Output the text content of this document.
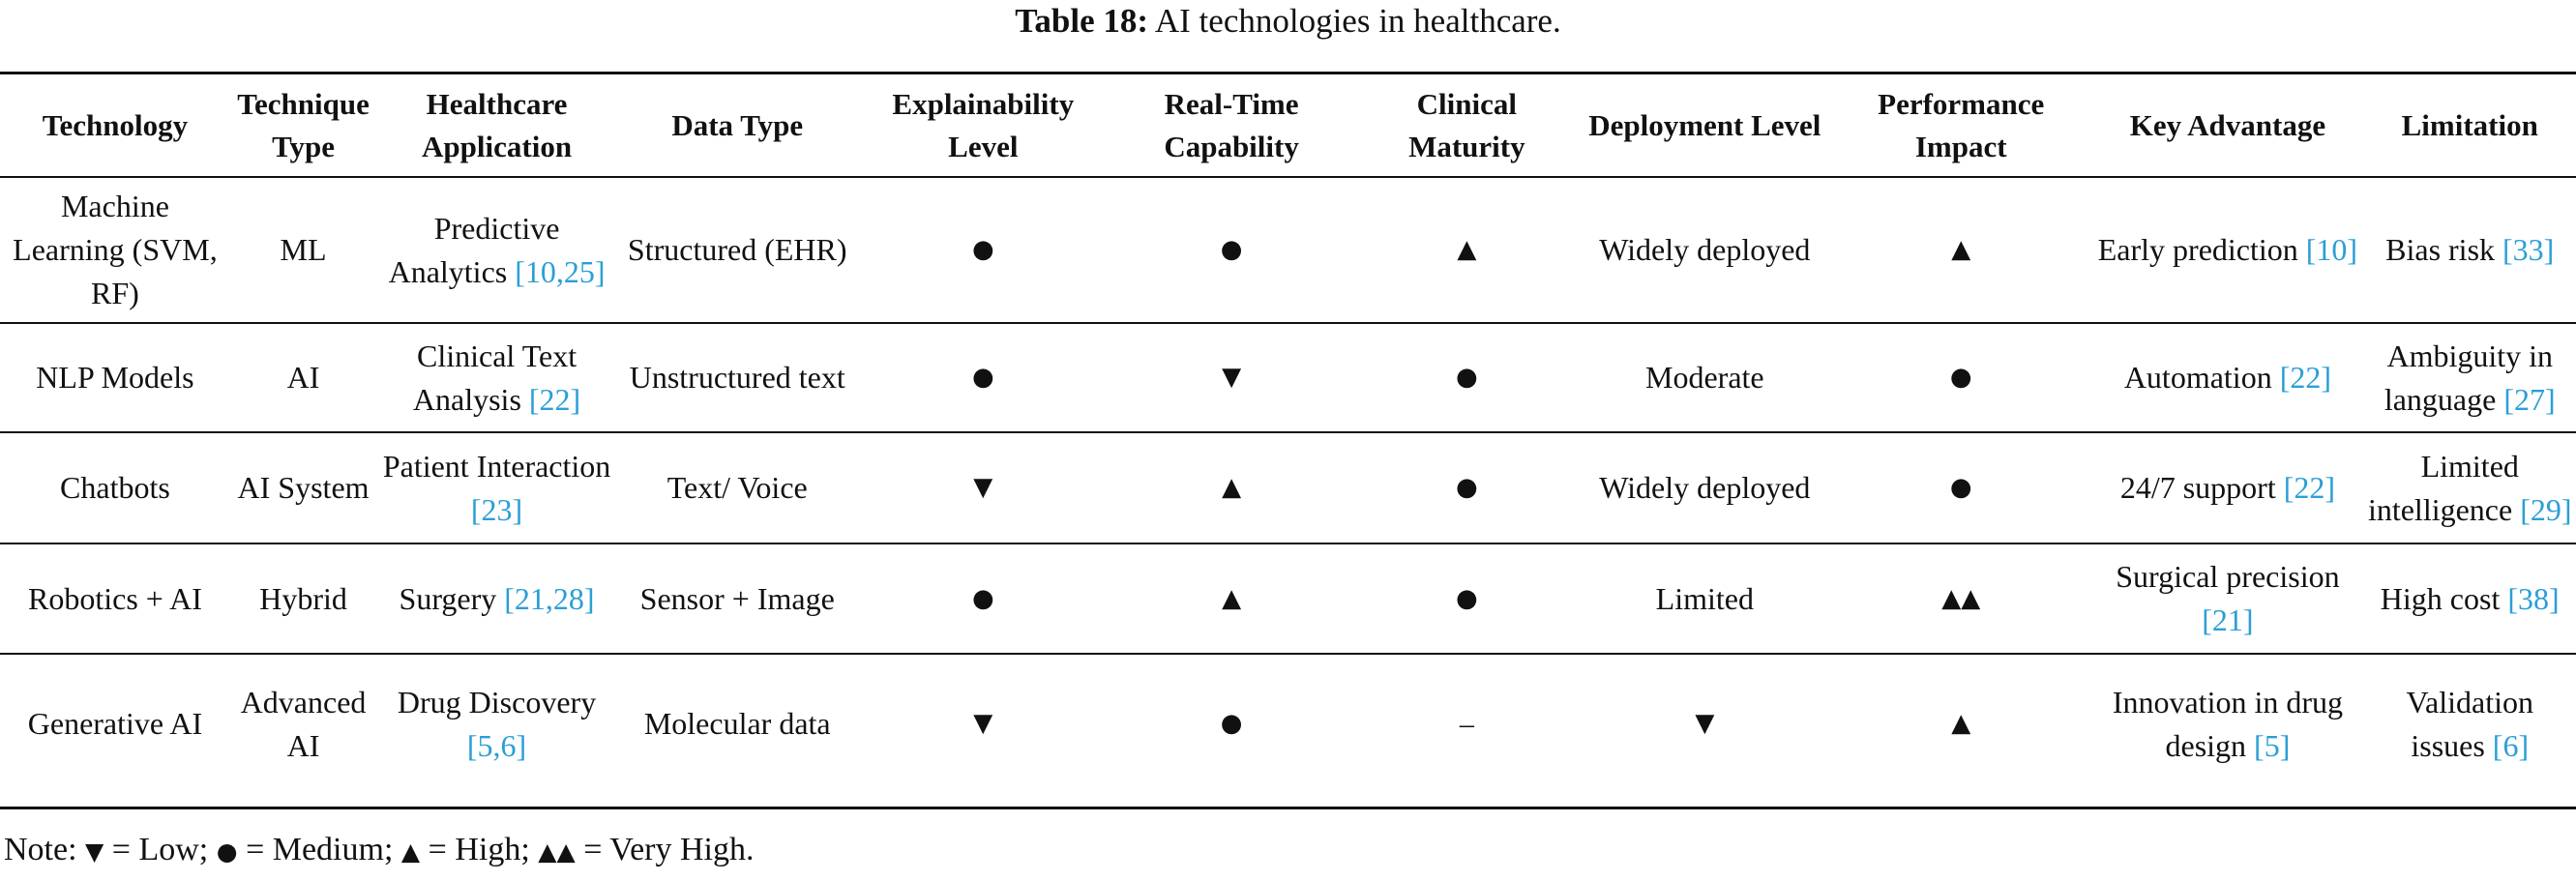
Table 18: AI technologies in healthcare.
Technology	Technique Type	Healthcare Application	Data Type	Explainability Level	Real-Time Capability	Clinical Maturity	Deployment Level	Performance Impact	Key Advantage	Limitation
Machine Learning (SVM, RF)	ML	Predictive Analytics [10,25]	Structured (EHR)	●	●	▲	Widely deployed	▲	Early prediction [10]	Bias risk [33]
NLP Models	AI	Clinical Text Analysis [22]	Unstructured text	●	▼	●	Moderate	●	Automation [22]	Ambiguity in language [27]
Chatbots	AI System	Patient Interaction [23]	Text/ Voice	▼	▲	●	Widely deployed	●	24/7 support [22]	Limited intelligence [29]
Robotics + AI	Hybrid	Surgery [21,28]	Sensor + Image	●	▲	●	Limited	▲▲	Surgical precision [21]	High cost [38]
Generative AI	Advanced AI	Drug Discovery [5,6]	Molecular data	▼	●	–	▼	▲	Innovation in drug design [5]	Validation issues [6]
Note: ▼ = Low; ● = Medium; ▲ = High; ▲▲ = Very High.
